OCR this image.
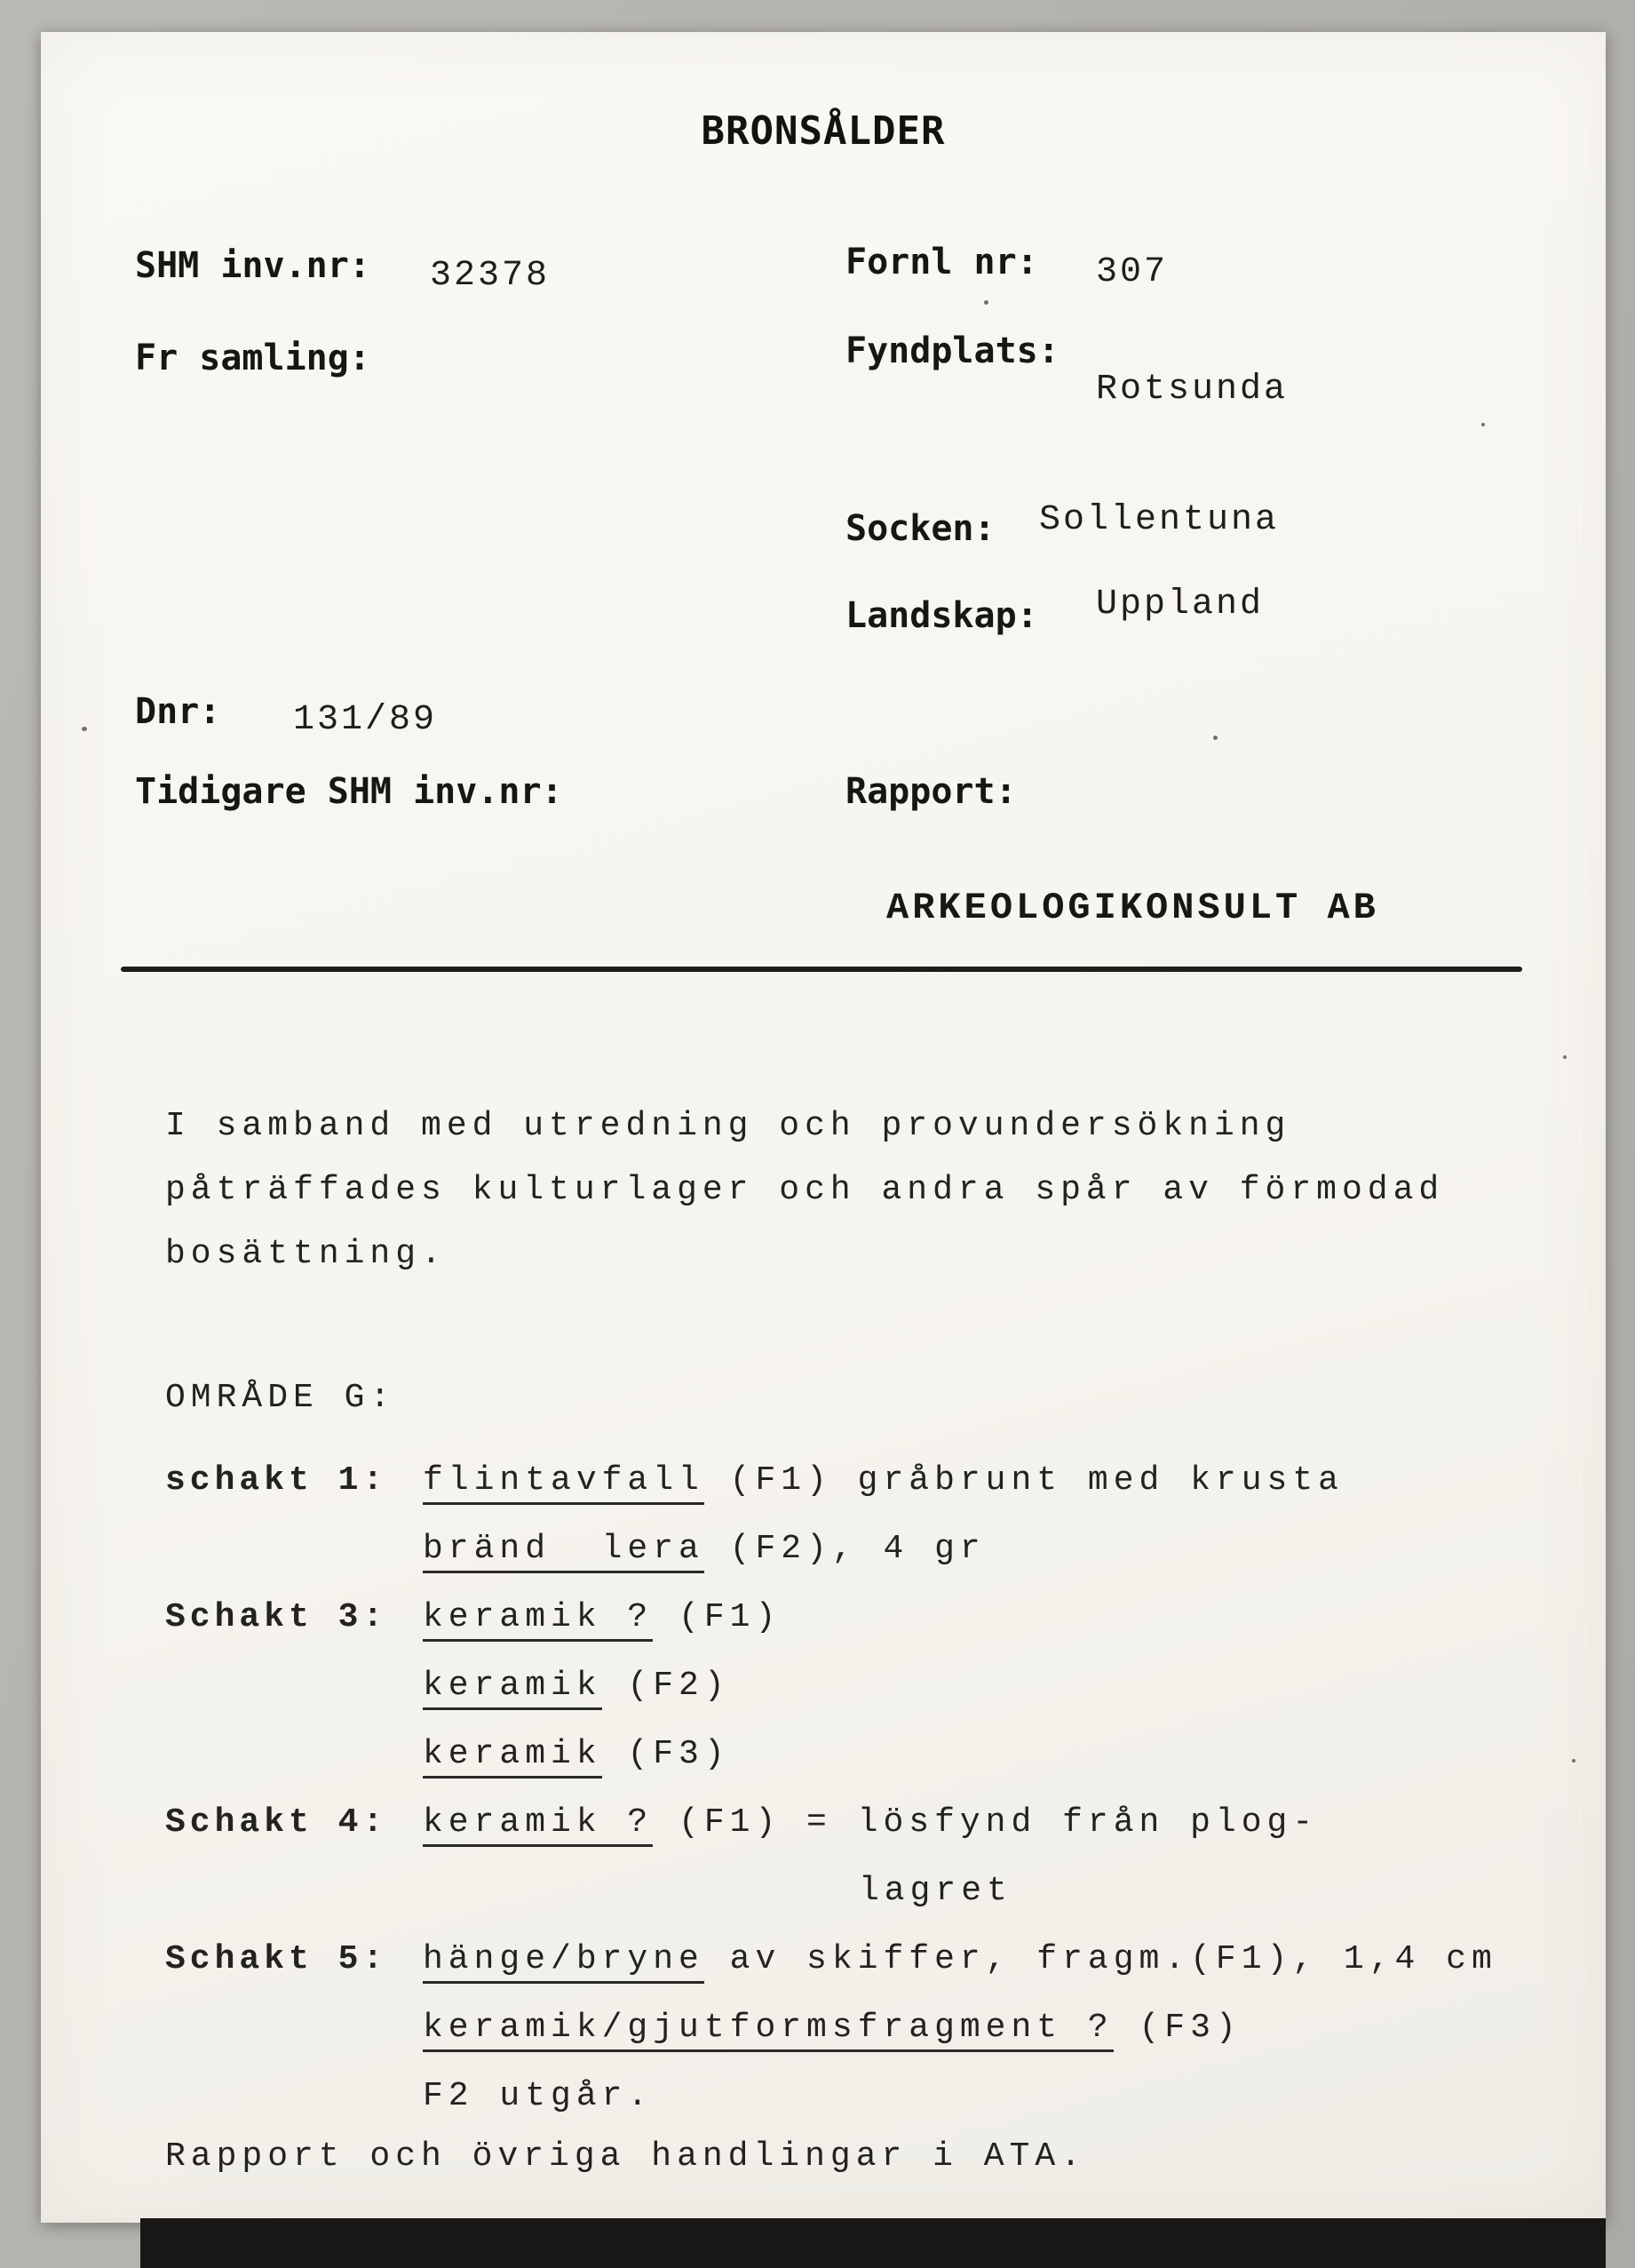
BRONSÅLDER
SHM inv.nr: 32378	Fornl nr: 307
Fr samling:	Fyndplats:
Rotsunda
Socken: Sollentuna
Landskap: Uppland
Dnr: 131/89
Tidigare SHM inv.nr:	Rapport:
ARKEOLOGIKONSULT AB
I samband med utredning och provundersökning
påträffades kulturlager och andra spår av förmodad
bosättning.
OMRÅDE G:
schakt 1:	flintavfall (F1) gråbrunt med krusta
bränd  lera (F2), 4 gr
Schakt 3:	keramik ? (F1)
keramik (F2)
keramik (F3)
Schakt 4:	keramik ? (F1) = lösfynd från plog-
lagret
Schakt 5:	hänge/bryne av skiffer, fragm.(F1), 1,4 cm
keramik/gjutformsfragment ? (F3)
F2 utgår.
Rapport och övriga handlingar i ATA.
